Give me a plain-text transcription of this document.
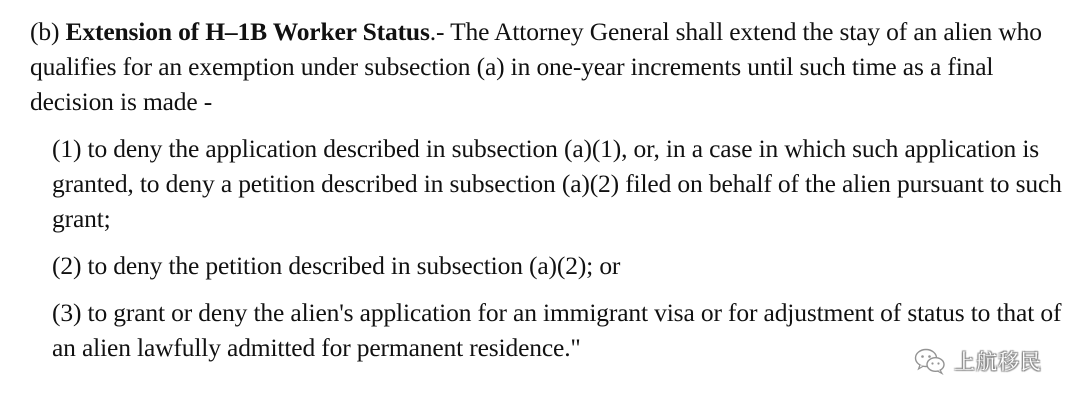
(b) Extension of H–1B Worker Status.- The Attorney General shall extend the stay of an alien who qualifies for an exemption under subsection (a) in one-year increments until such time as a final decision is made -

(1) to deny the application described in subsection (a)(1), or, in a case in which such application is granted, to deny a petition described in subsection (a)(2) filed on behalf of the alien pursuant to such grant;

(2) to deny the petition described in subsection (a)(2); or

(3) to grant or deny the alien's application for an immigrant visa or for adjustment of status to that of an alien lawfully admitted for permanent residence."	上航移民
